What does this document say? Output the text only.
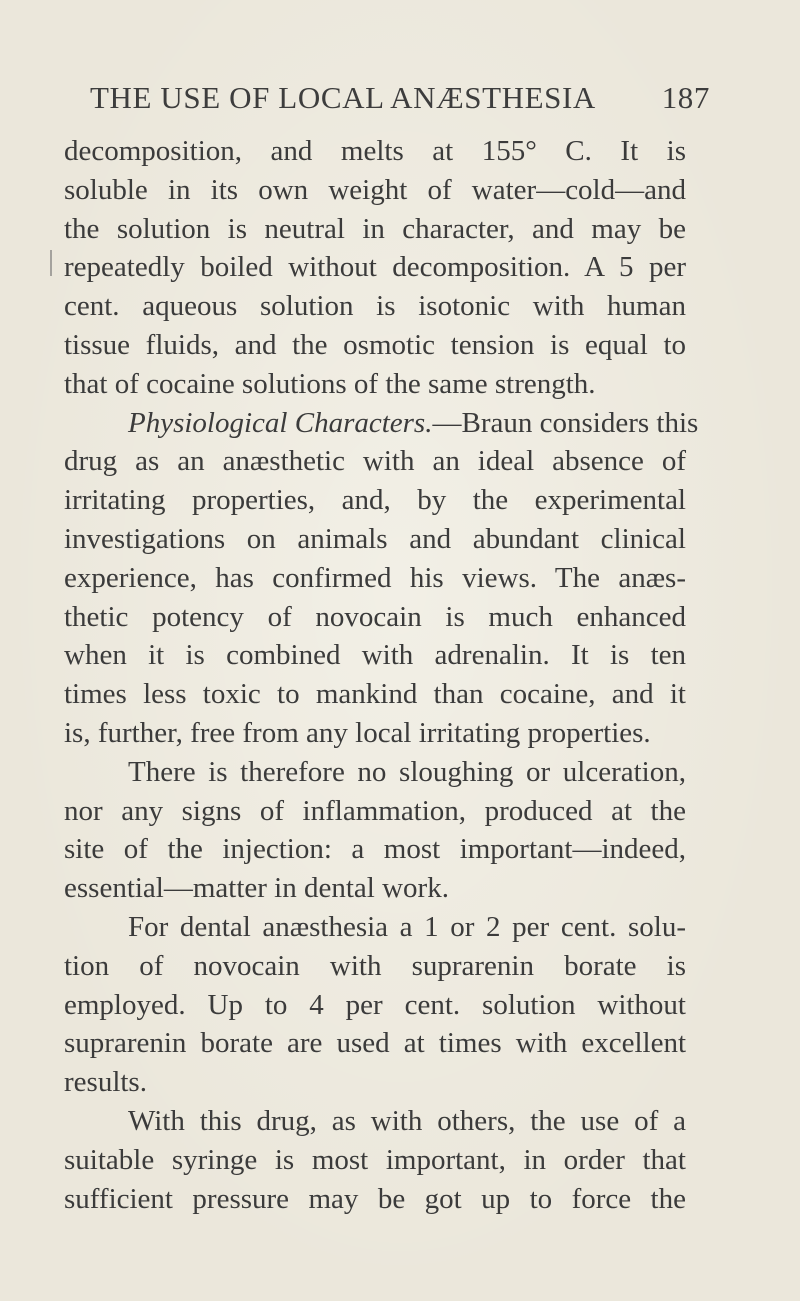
THE USE OF LOCAL ANÆSTHESIA 187
decomposition, and melts at 155° C. It is
soluble in its own weight of water—cold—and
the solution is neutral in character, and may be
repeatedly boiled without decomposition. A 5 per
cent. aqueous solution is isotonic with human
tissue fluids, and the osmotic tension is equal to
that of cocaine solutions of the same strength.
Physiological Characters.—Braun considers this
drug as an anæsthetic with an ideal absence of
irritating properties, and, by the experimental
investigations on animals and abundant clinical
experience, has confirmed his views. The anæs-
thetic potency of novocain is much enhanced
when it is combined with adrenalin. It is ten
times less toxic to mankind than cocaine, and it
is, further, free from any local irritating properties.
There is therefore no sloughing or ulceration,
nor any signs of inflammation, produced at the
site of the injection: a most important—indeed,
essential—matter in dental work.
For dental anæsthesia a 1 or 2 per cent. solu-
tion of novocain with suprarenin borate is
employed. Up to 4 per cent. solution without
suprarenin borate are used at times with excellent
results.
With this drug, as with others, the use of a
suitable syringe is most important, in order that
sufficient pressure may be got up to force the
